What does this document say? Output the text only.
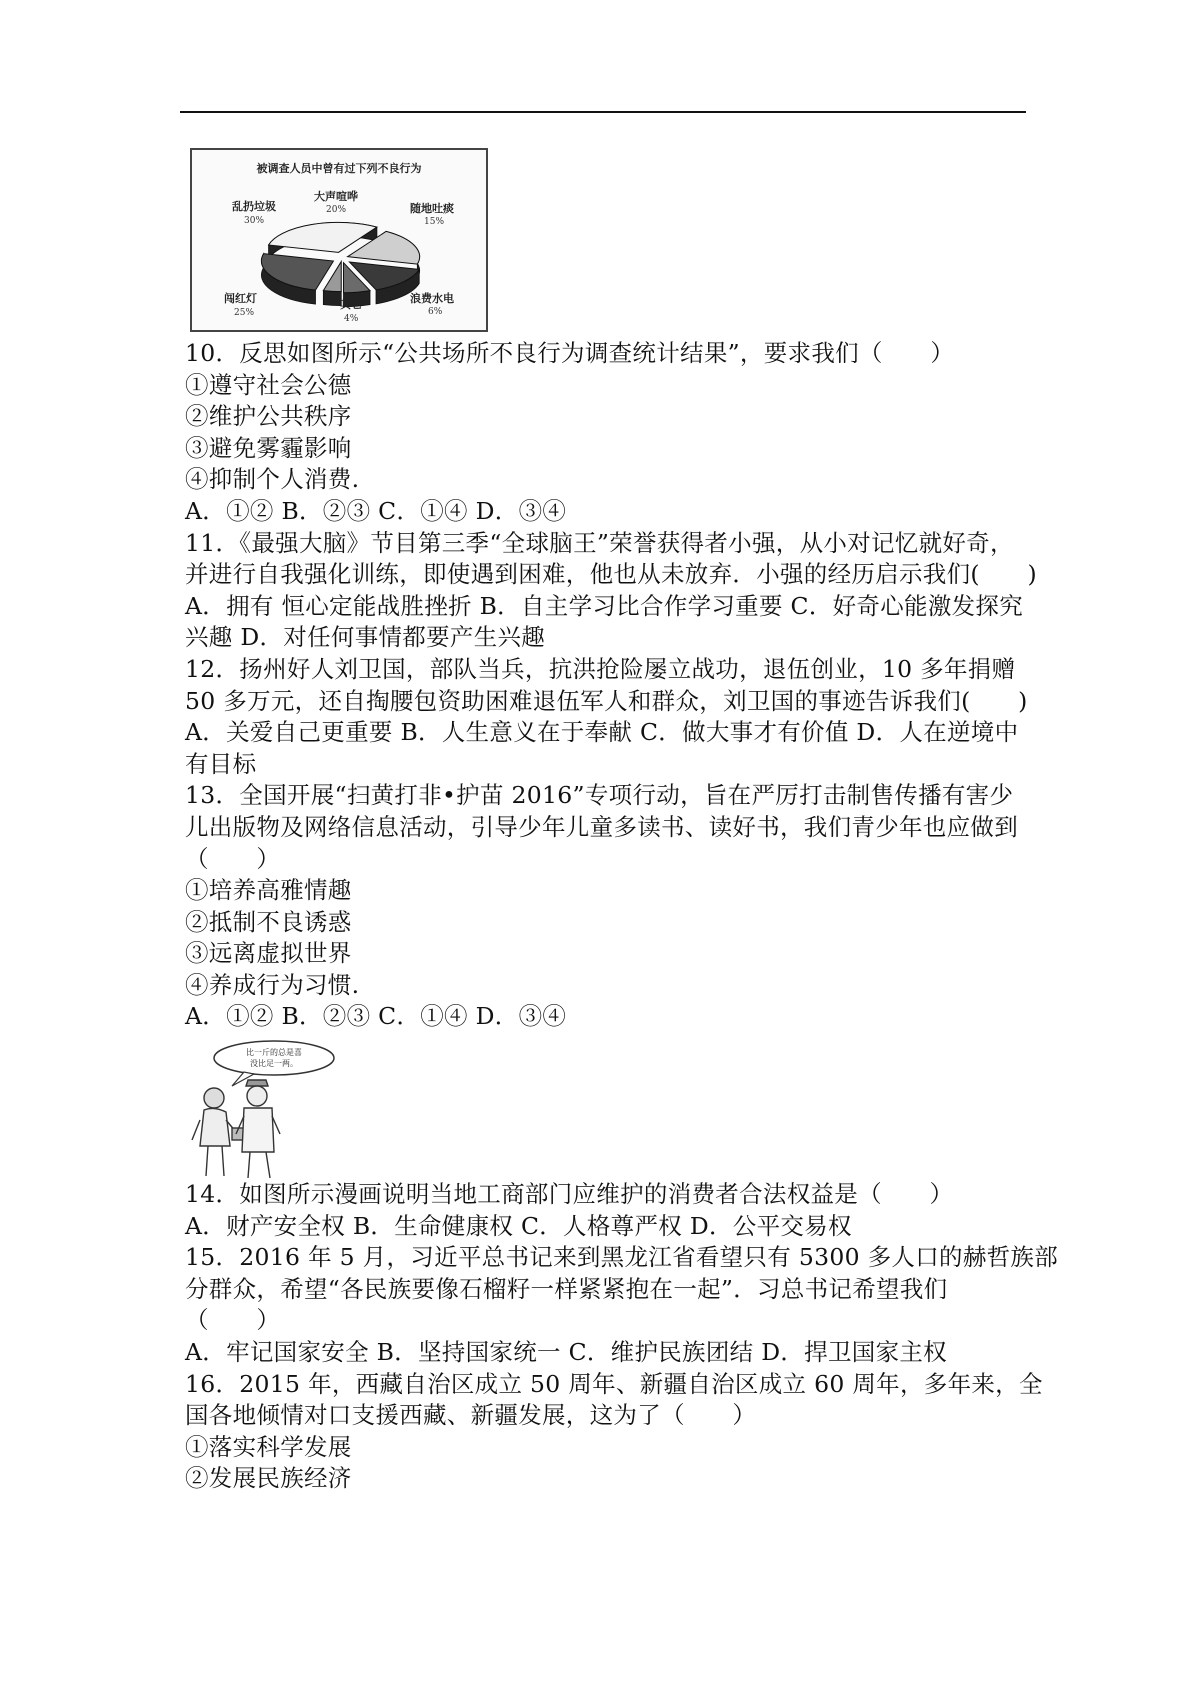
被调查人员中曾有过下列不良行为
乱扔垃圾
30%
大声喧哗
20%	随地吐痰
15%
浪费水电
6%
其它
4%
闯红灯
25%
比一斤的总是喜
没比足一两。
10．反思如图所示“公共场所不良行为调查统计结果”，要求我们（　　）
①遵守社会公德
②维护公共秩序
③避免雾霾影响
④抑制个人消费.
A．①② B．②③ C．①④ D．③④
11．《最强大脑》节目第三季“全球脑王”荣誉获得者小强，从小对记忆就好奇，
并进行自我强化训练，即使遇到困难，他也从未放弃．小强的经历启示我们(　　)
A．拥有 恒心定能战胜挫折 B．自主学习比合作学习重要 C．好奇心能激发探究
兴趣 D．对任何事情都要产生兴趣
12．扬州好人刘卫国，部队当兵，抗洪抢险屡立战功，退伍创业，10 多年捐赠
50 多万元，还自掏腰包资助困难退伍军人和群众，刘卫国的事迹告诉我们(　　)
A．关爱自己更重要 B．人生意义在于奉献 C．做大事才有价值 D．人在逆境中
有目标
13．全国开展“扫黄打非•护苗 2016”专项行动，旨在严厉打击制售传播有害少
儿出版物及网络信息活动，引导少年儿童多读书、读好书，我们青少年也应做到
（　　）
①培养高雅情趣
②抵制不良诱惑
③远离虚拟世界
④养成行为习惯.
A．①② B．②③ C．①④ D．③④
14．如图所示漫画说明当地工商部门应维护的消费者合法权益是（　　）
A．财产安全权 B．生命健康权 C．人格尊严权 D．公平交易权
15．2016 年 5 月，习近平总书记来到黑龙江省看望只有 5300 多人口的赫哲族部
分群众，希望“各民族要像石榴籽一样紧紧抱在一起”．习总书记希望我们
（　　）
A．牢记国家安全 B．坚持国家统一 C．维护民族团结 D．捍卫国家主权
16．2015 年，西藏自治区成立 50 周年、新疆自治区成立 60 周年，多年来，全
国各地倾情对口支援西藏、新疆发展，这为了（　　）
①落实科学发展
②发展民族经济
